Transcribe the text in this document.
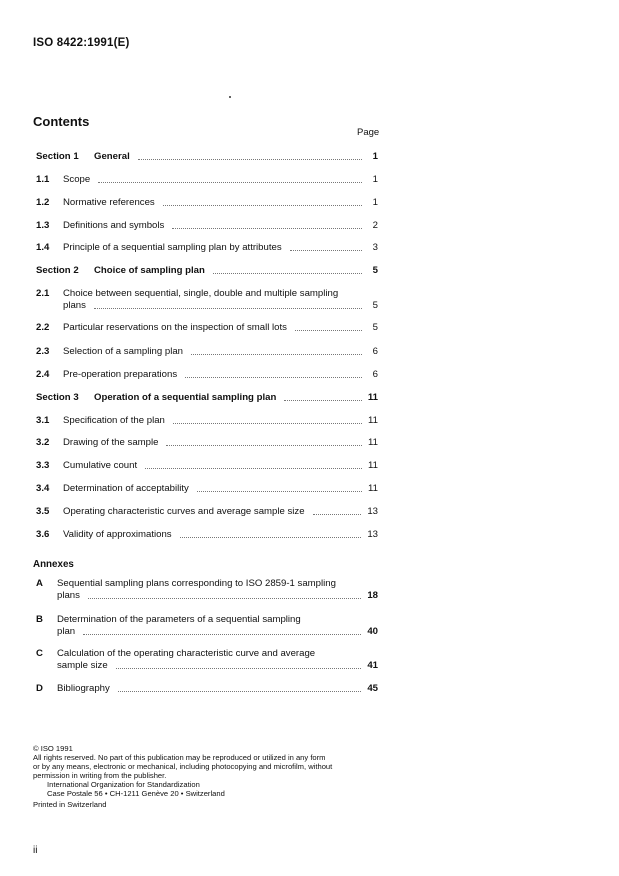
ISO 8422:1991(E)
Contents
Page
Section 1	General	1
1.1	Scope	1
1.2	Normative references	1
1.3	Definitions and symbols	2
1.4	Principle of a sequential sampling plan by attributes	3
Section 2	Choice of sampling plan	5
2.1	Choice between sequential, single, double and multiple sampling
plans	5
2.2	Particular reservations on the inspection of small lots	5
2.3	Selection of a sampling plan	6
2.4	Pre-operation preparations	6
Section 3	Operation of a sequential sampling plan	11
3.1	Specification of the plan	11
3.2	Drawing of the sample	11
3.3	Cumulative count	11
3.4	Determination of acceptability	11
3.5	Operating characteristic curves and average sample size	13
3.6	Validity of approximations	13
Annexes
A	Sequential sampling plans corresponding to ISO 2859-1 sampling
plans	18
B	Determination of the parameters of a sequential sampling
plan	40
C	Calculation of the operating characteristic curve and average
sample size	41
D	Bibliography	45
© ISO 1991
All rights reserved. No part of this publication may be reproduced or utilized in any form
or by any means, electronic or mechanical, including photocopying and microfilm, without
permission in writing from the publisher.
International Organization for Standardization
Case Postale 56 • CH-1211 Genève 20 • Switzerland
Printed in Switzerland
ii
